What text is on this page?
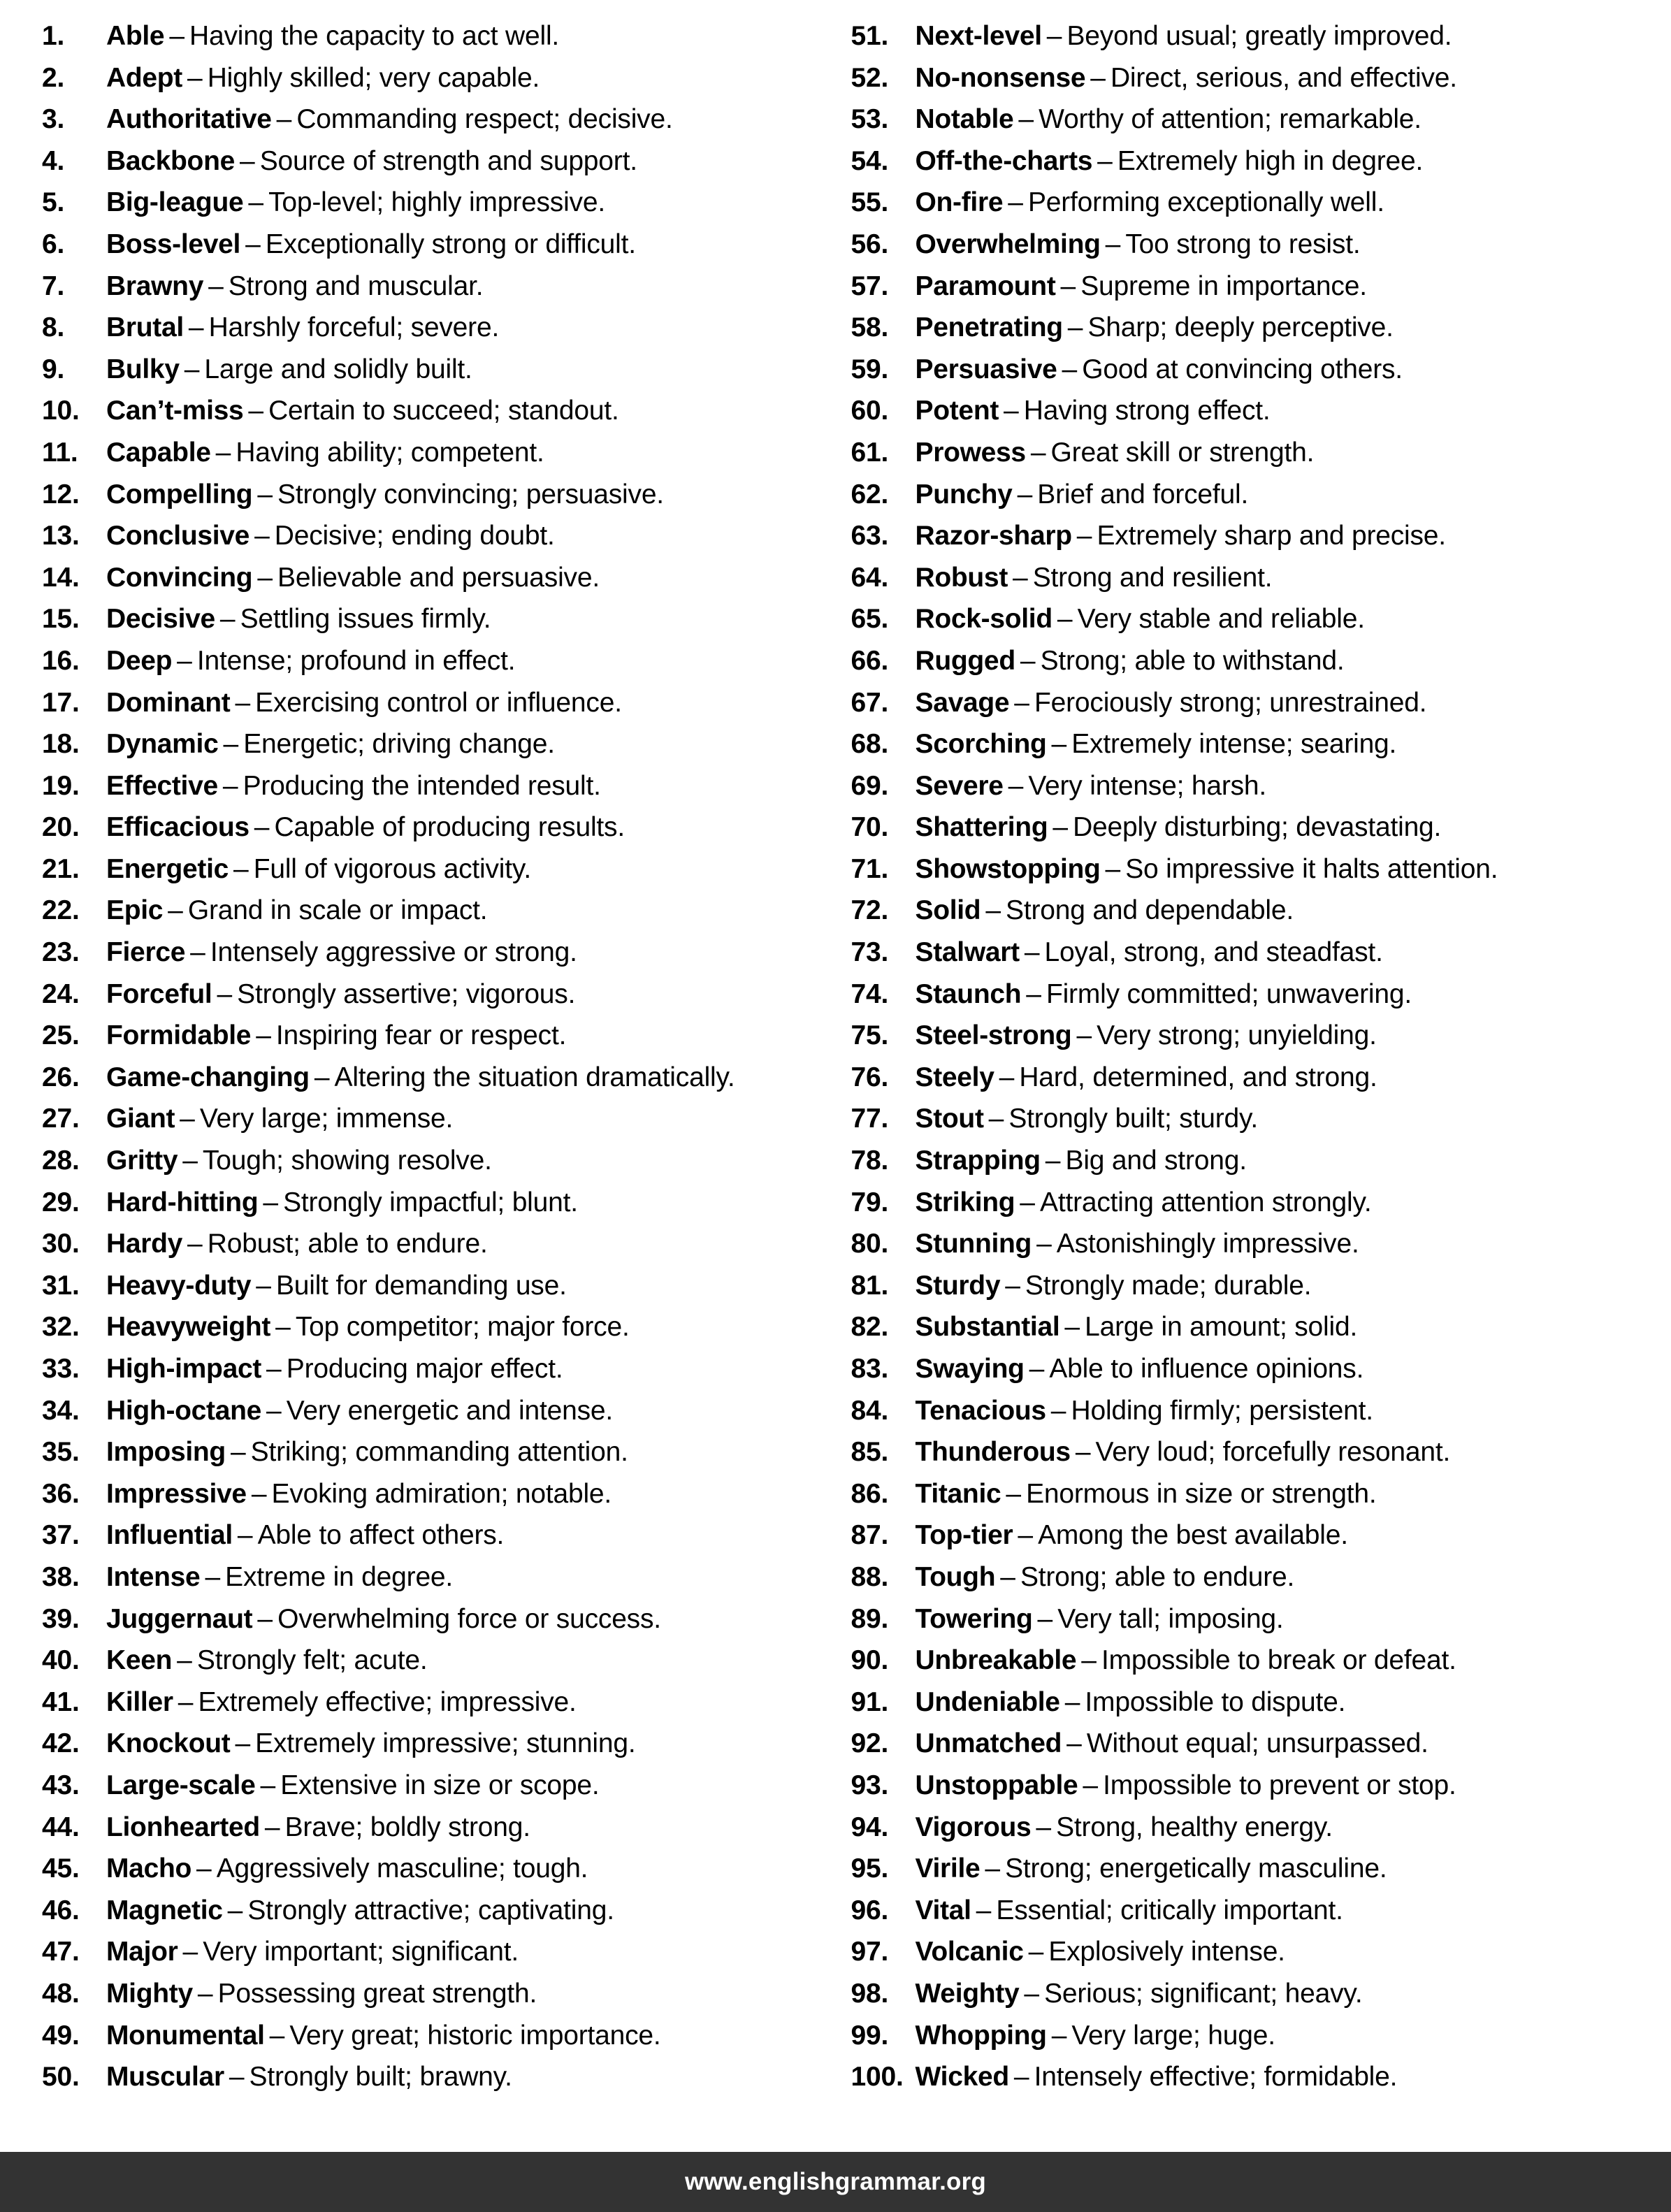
1.	Able – Having the capacity to act well.
2.	Adept – Highly skilled; very capable.
3.	Authoritative – Commanding respect; decisive.
4.	Backbone – Source of strength and support.
5.	Big-league – Top-level; highly impressive.
6.	Boss-level – Exceptionally strong or difficult.
7.	Brawny – Strong and muscular.
8.	Brutal – Harshly forceful; severe.
9.	Bulky – Large and solidly built.
10. Can’t-miss – Certain to succeed; standout.
11.	Capable – Having ability; competent.
12. Compelling – Strongly convincing; persuasive.
13. Conclusive – Decisive; ending doubt.
14. Convincing – Believable and persuasive.
15. Decisive – Settling issues firmly.
16. Deep – Intense; profound in effect.
17. Dominant – Exercising control or influence.
18. Dynamic – Energetic; driving change.
19. Effective – Producing the intended result.
20. Efficacious – Capable of producing results.
21. Energetic – Full of vigorous activity.
22. Epic – Grand in scale or impact.
23. Fierce – Intensely aggressive or strong.
24. Forceful – Strongly assertive; vigorous.
25. Formidable – Inspiring fear or respect.
26. Game-changing – Altering the situation dramatically.
27. Giant – Very large; immense.
28. Gritty – Tough; showing resolve.
29. Hard-hitting – Strongly impactful; blunt.
30. Hardy – Robust; able to endure.
31. Heavy-duty – Built for demanding use.
32. Heavyweight – Top competitor; major force.
33. High-impact – Producing major effect.
34. High-octane – Very energetic and intense.
35. Imposing – Striking; commanding attention.
36. Impressive – Evoking admiration; notable.
37. Influential – Able to affect others.
38. Intense – Extreme in degree.
39. Juggernaut – Overwhelming force or success.
40. Keen – Strongly felt; acute.
41. Killer – Extremely effective; impressive.
42. Knockout – Extremely impressive; stunning.
43. Large-scale – Extensive in size or scope.
44. Lionhearted – Brave; boldly strong.
45. Macho – Aggressively masculine; tough.
46. Magnetic – Strongly attractive; captivating.
47. Major – Very important; significant.
48. Mighty – Possessing great strength.
49. Monumental – Very great; historic importance.
50. Muscular – Strongly built; brawny.
51. Next-level – Beyond usual; greatly improved.
52. No-nonsense – Direct, serious, and effective.
53. Notable – Worthy of attention; remarkable.
54. Off-the-charts – Extremely high in degree.
55. On-fire – Performing exceptionally well.
56. Overwhelming – Too strong to resist.
57. Paramount – Supreme in importance.
58. Penetrating – Sharp; deeply perceptive.
59. Persuasive – Good at convincing others.
60. Potent – Having strong effect.
61. Prowess – Great skill or strength.
62. Punchy – Brief and forceful.
63. Razor-sharp – Extremely sharp and precise.
64. Robust – Strong and resilient.
65. Rock-solid – Very stable and reliable.
66. Rugged – Strong; able to withstand.
67. Savage – Ferociously strong; unrestrained.
68. Scorching – Extremely intense; searing.
69. Severe – Very intense; harsh.
70. Shattering – Deeply disturbing; devastating.
71. Showstopping – So impressive it halts attention.
72. Solid – Strong and dependable.
73. Stalwart – Loyal, strong, and steadfast.
74. Staunch – Firmly committed; unwavering.
75. Steel-strong – Very strong; unyielding.
76. Steely – Hard, determined, and strong.
77. Stout – Strongly built; sturdy.
78. Strapping – Big and strong.
79. Striking – Attracting attention strongly.
80. Stunning – Astonishingly impressive.
81. Sturdy – Strongly made; durable.
82. Substantial – Large in amount; solid.
83. Swaying – Able to influence opinions.
84. Tenacious – Holding firmly; persistent.
85. Thunderous – Very loud; forcefully resonant.
86. Titanic – Enormous in size or strength.
87. Top-tier – Among the best available.
88. Tough – Strong; able to endure.
89. Towering – Very tall; imposing.
90. Unbreakable – Impossible to break or defeat.
91. Undeniable – Impossible to dispute.
92. Unmatched – Without equal; unsurpassed.
93. Unstoppable – Impossible to prevent or stop.
94. Vigorous – Strong, healthy energy.
95. Virile – Strong; energetically masculine.
96. Vital – Essential; critically important.
97. Volcanic – Explosively intense.
98. Weighty – Serious; significant; heavy.
99. Whopping – Very large; huge.
100. Wicked – Intensely effective; formidable.
www.englishgrammar.org
